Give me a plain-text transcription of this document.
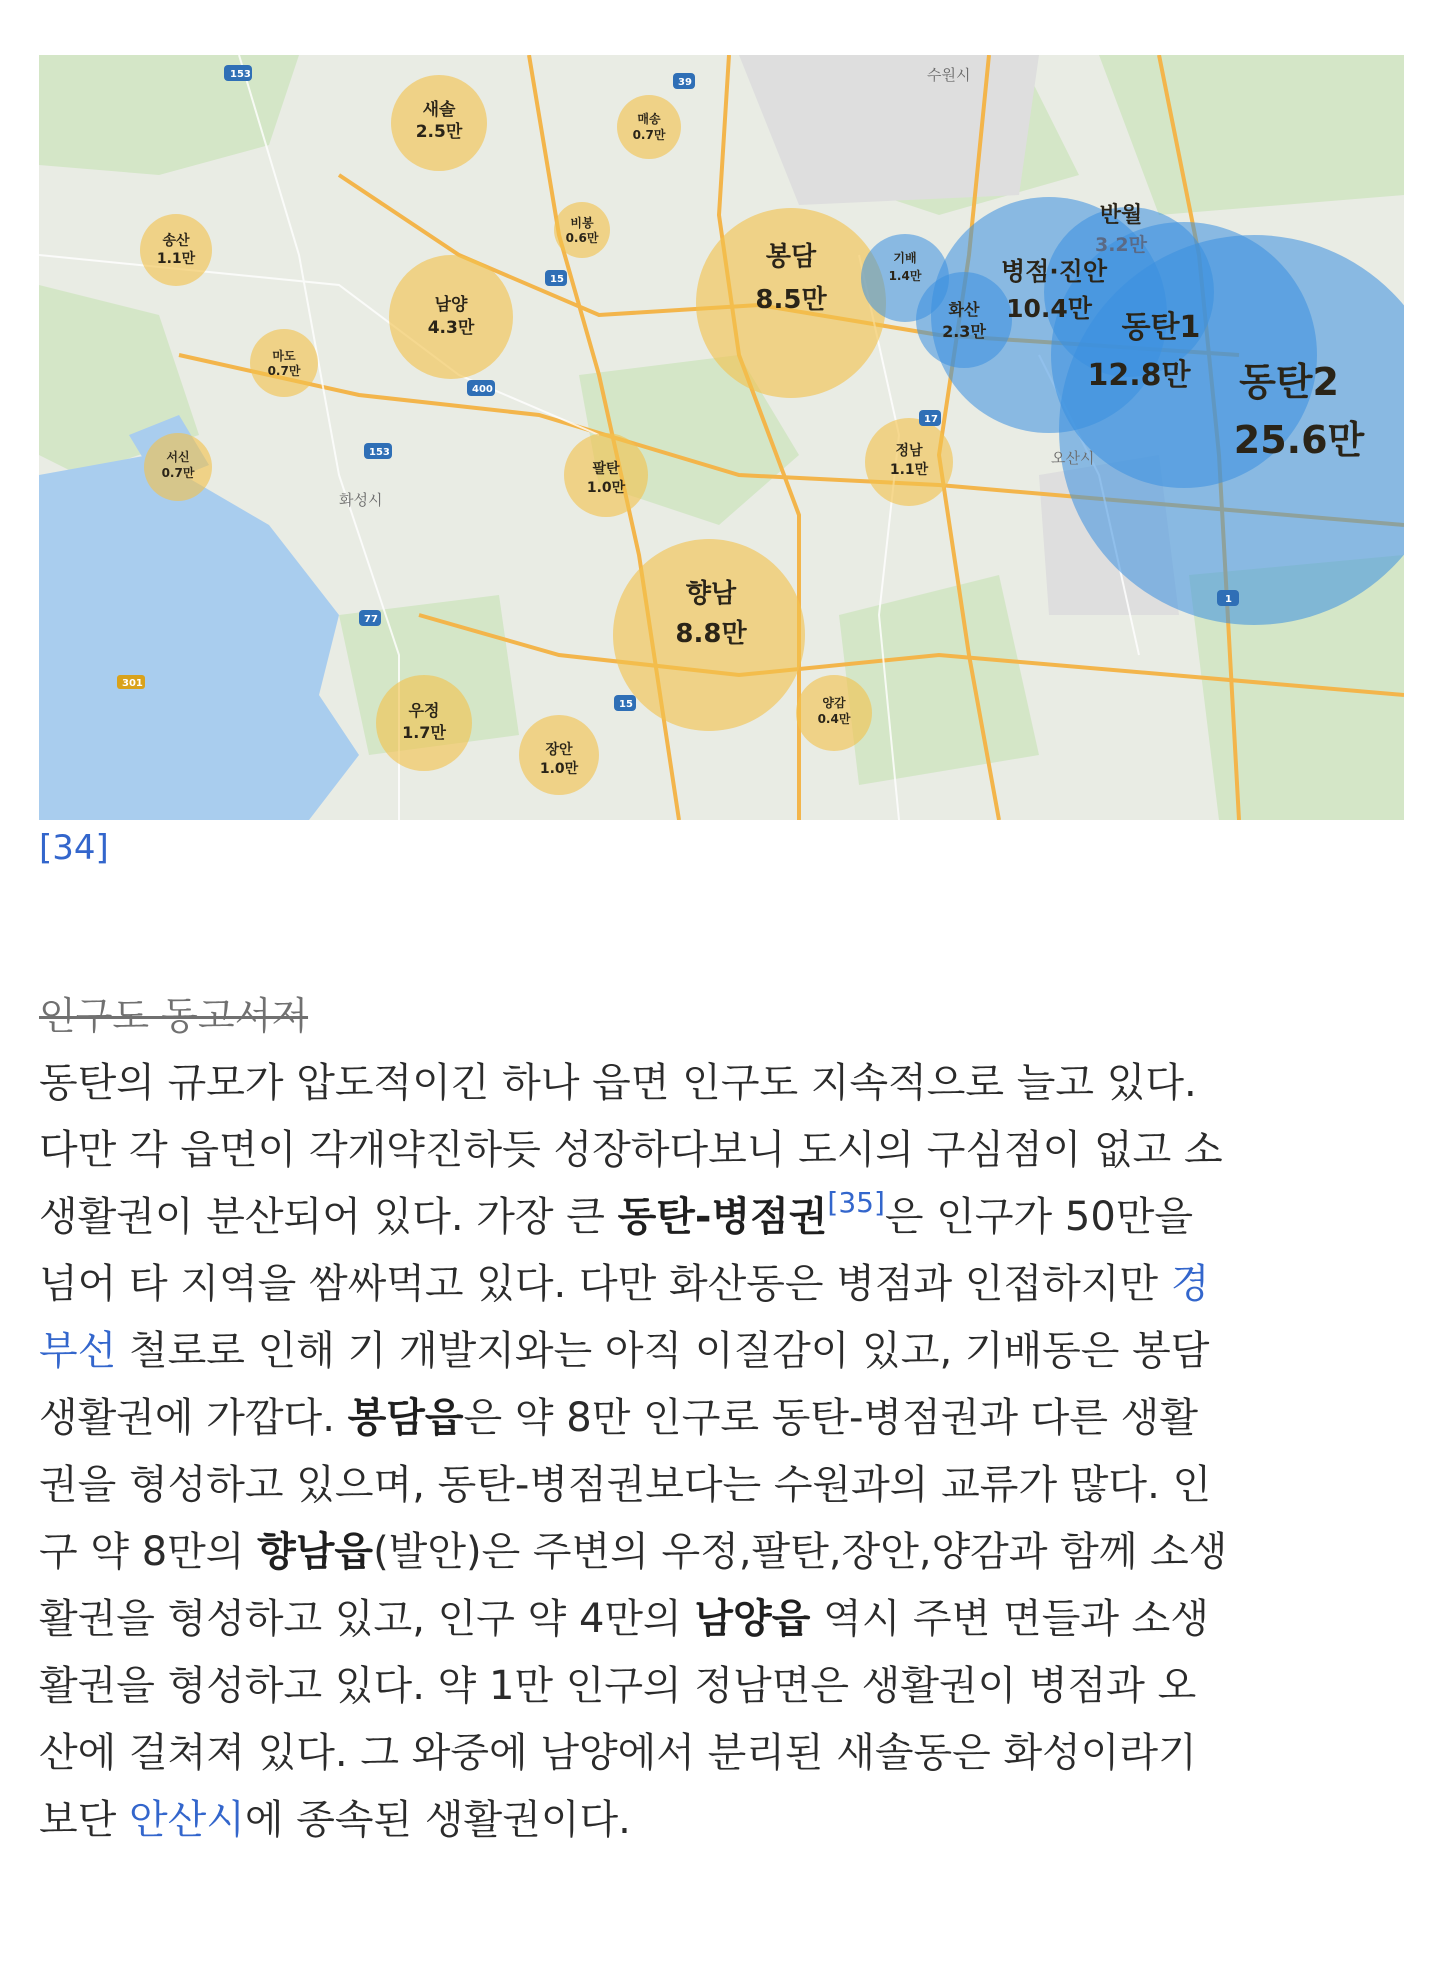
153
39
15
400
153
17
1
15
77
301
수원시
화성시
오산시
새솔
2.5만
매송
0.7만
송산
1.1만
비봉
0.6만
남양
4.3만
마도
0.7만
봉담
8.5만
기배
1.4만
화산
2.3만
반월
3.2만
병점·진안
10.4만
동탄1
12.8만 동탄2
25.6만
서신
0.7만	팔탄
1.0만
정남
1.1만
향남
8.8만
우정
1.7만
장안
1.0만
양감
0.4만
[34]
인구도 동고서저

동탄의 규모가 압도적이긴 하나 읍면 인구도 지속적으로 늘고 있다.
다만 각 읍면이 각개약진하듯 성장하다보니 도시의 구심점이 없고 소
생활권이 분산되어 있다. 가장 큰 동탄-병점권[35]은 인구가 50만을
넘어 타 지역을 쌈싸먹고 있다. 다만 화산동은 병점과 인접하지만 경
부선 철로로 인해 기 개발지와는 아직 이질감이 있고, 기배동은 봉담
생활권에 가깝다. 봉담읍은 약 8만 인구로 동탄-병점권과 다른 생활
권을 형성하고 있으며, 동탄-병점권보다는 수원과의 교류가 많다. 인
구 약 8만의 향남읍(발안)은 주변의 우정,팔탄,장안,양감과 함께 소생
활권을 형성하고 있고, 인구 약 4만의 남양읍 역시 주변 면들과 소생
활권을 형성하고 있다. 약 1만 인구의 정남면은 생활권이 병점과 오
산에 걸쳐져 있다. 그 와중에 남양에서 분리된 새솔동은 화성이라기
보단 안산시에 종속된 생활권이다.
